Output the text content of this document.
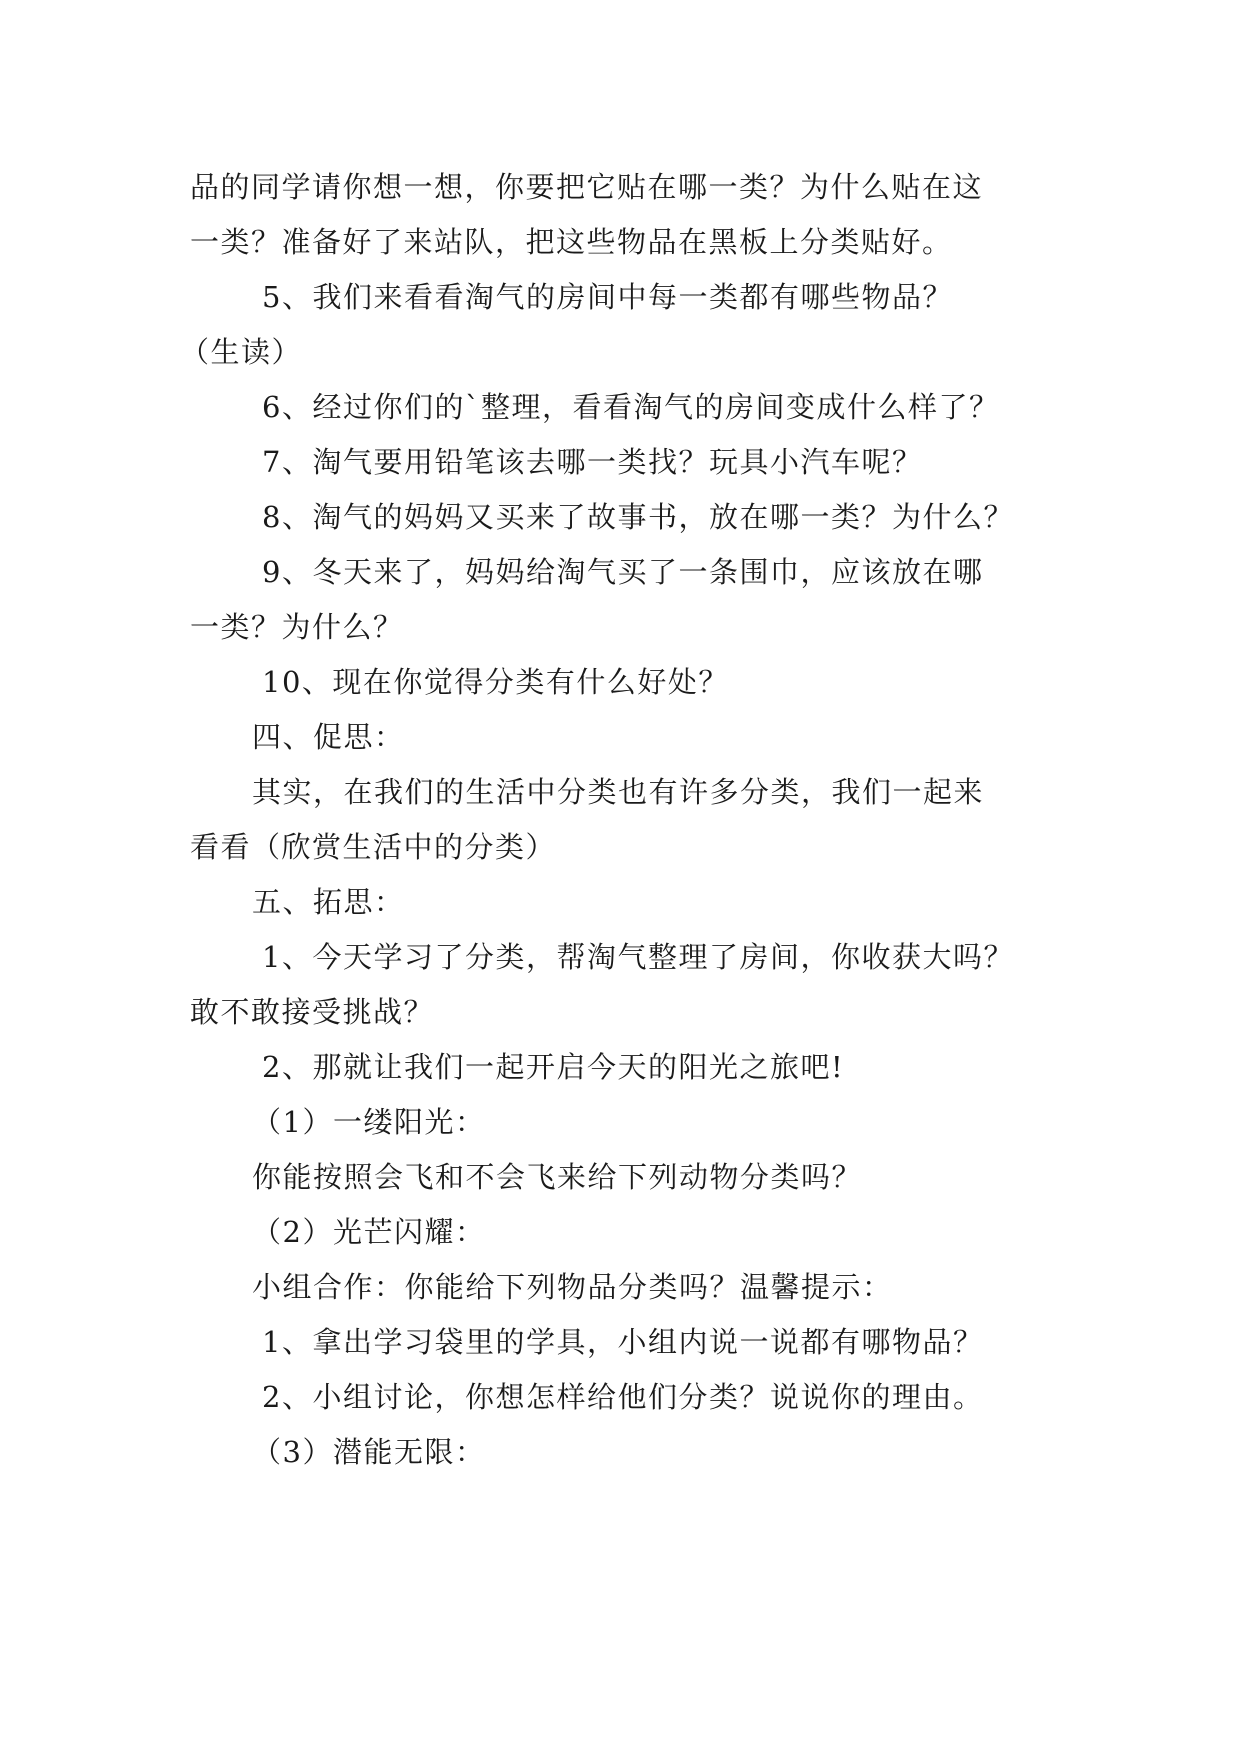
品的同学请你想一想，你要把它贴在哪一类？为什么贴在这
一类？准备好了来站队，把这些物品在黑板上分类贴好。
5、我们来看看淘气的房间中每一类都有哪些物品？
（生读）
6、经过你们的`整理，看看淘气的房间变成什么样了？
7、淘气要用铅笔该去哪一类找？玩具小汽车呢？
8、淘气的妈妈又买来了故事书，放在哪一类？为什么？
9、冬天来了，妈妈给淘气买了一条围巾，应该放在哪
一类？为什么？
10、现在你觉得分类有什么好处？
四、促思：
其实，在我们的生活中分类也有许多分类，我们一起来
看看（欣赏生活中的分类）
五、拓思：
1、今天学习了分类，帮淘气整理了房间，你收获大吗？
敢不敢接受挑战？
2、那就让我们一起开启今天的阳光之旅吧!
（1）一缕阳光：
你能按照会飞和不会飞来给下列动物分类吗？
（2）光芒闪耀：
小组合作：你能给下列物品分类吗？温馨提示：
1、拿出学习袋里的学具，小组内说一说都有哪物品？
2、小组讨论，你想怎样给他们分类？说说你的理由。
（3）潜能无限：
